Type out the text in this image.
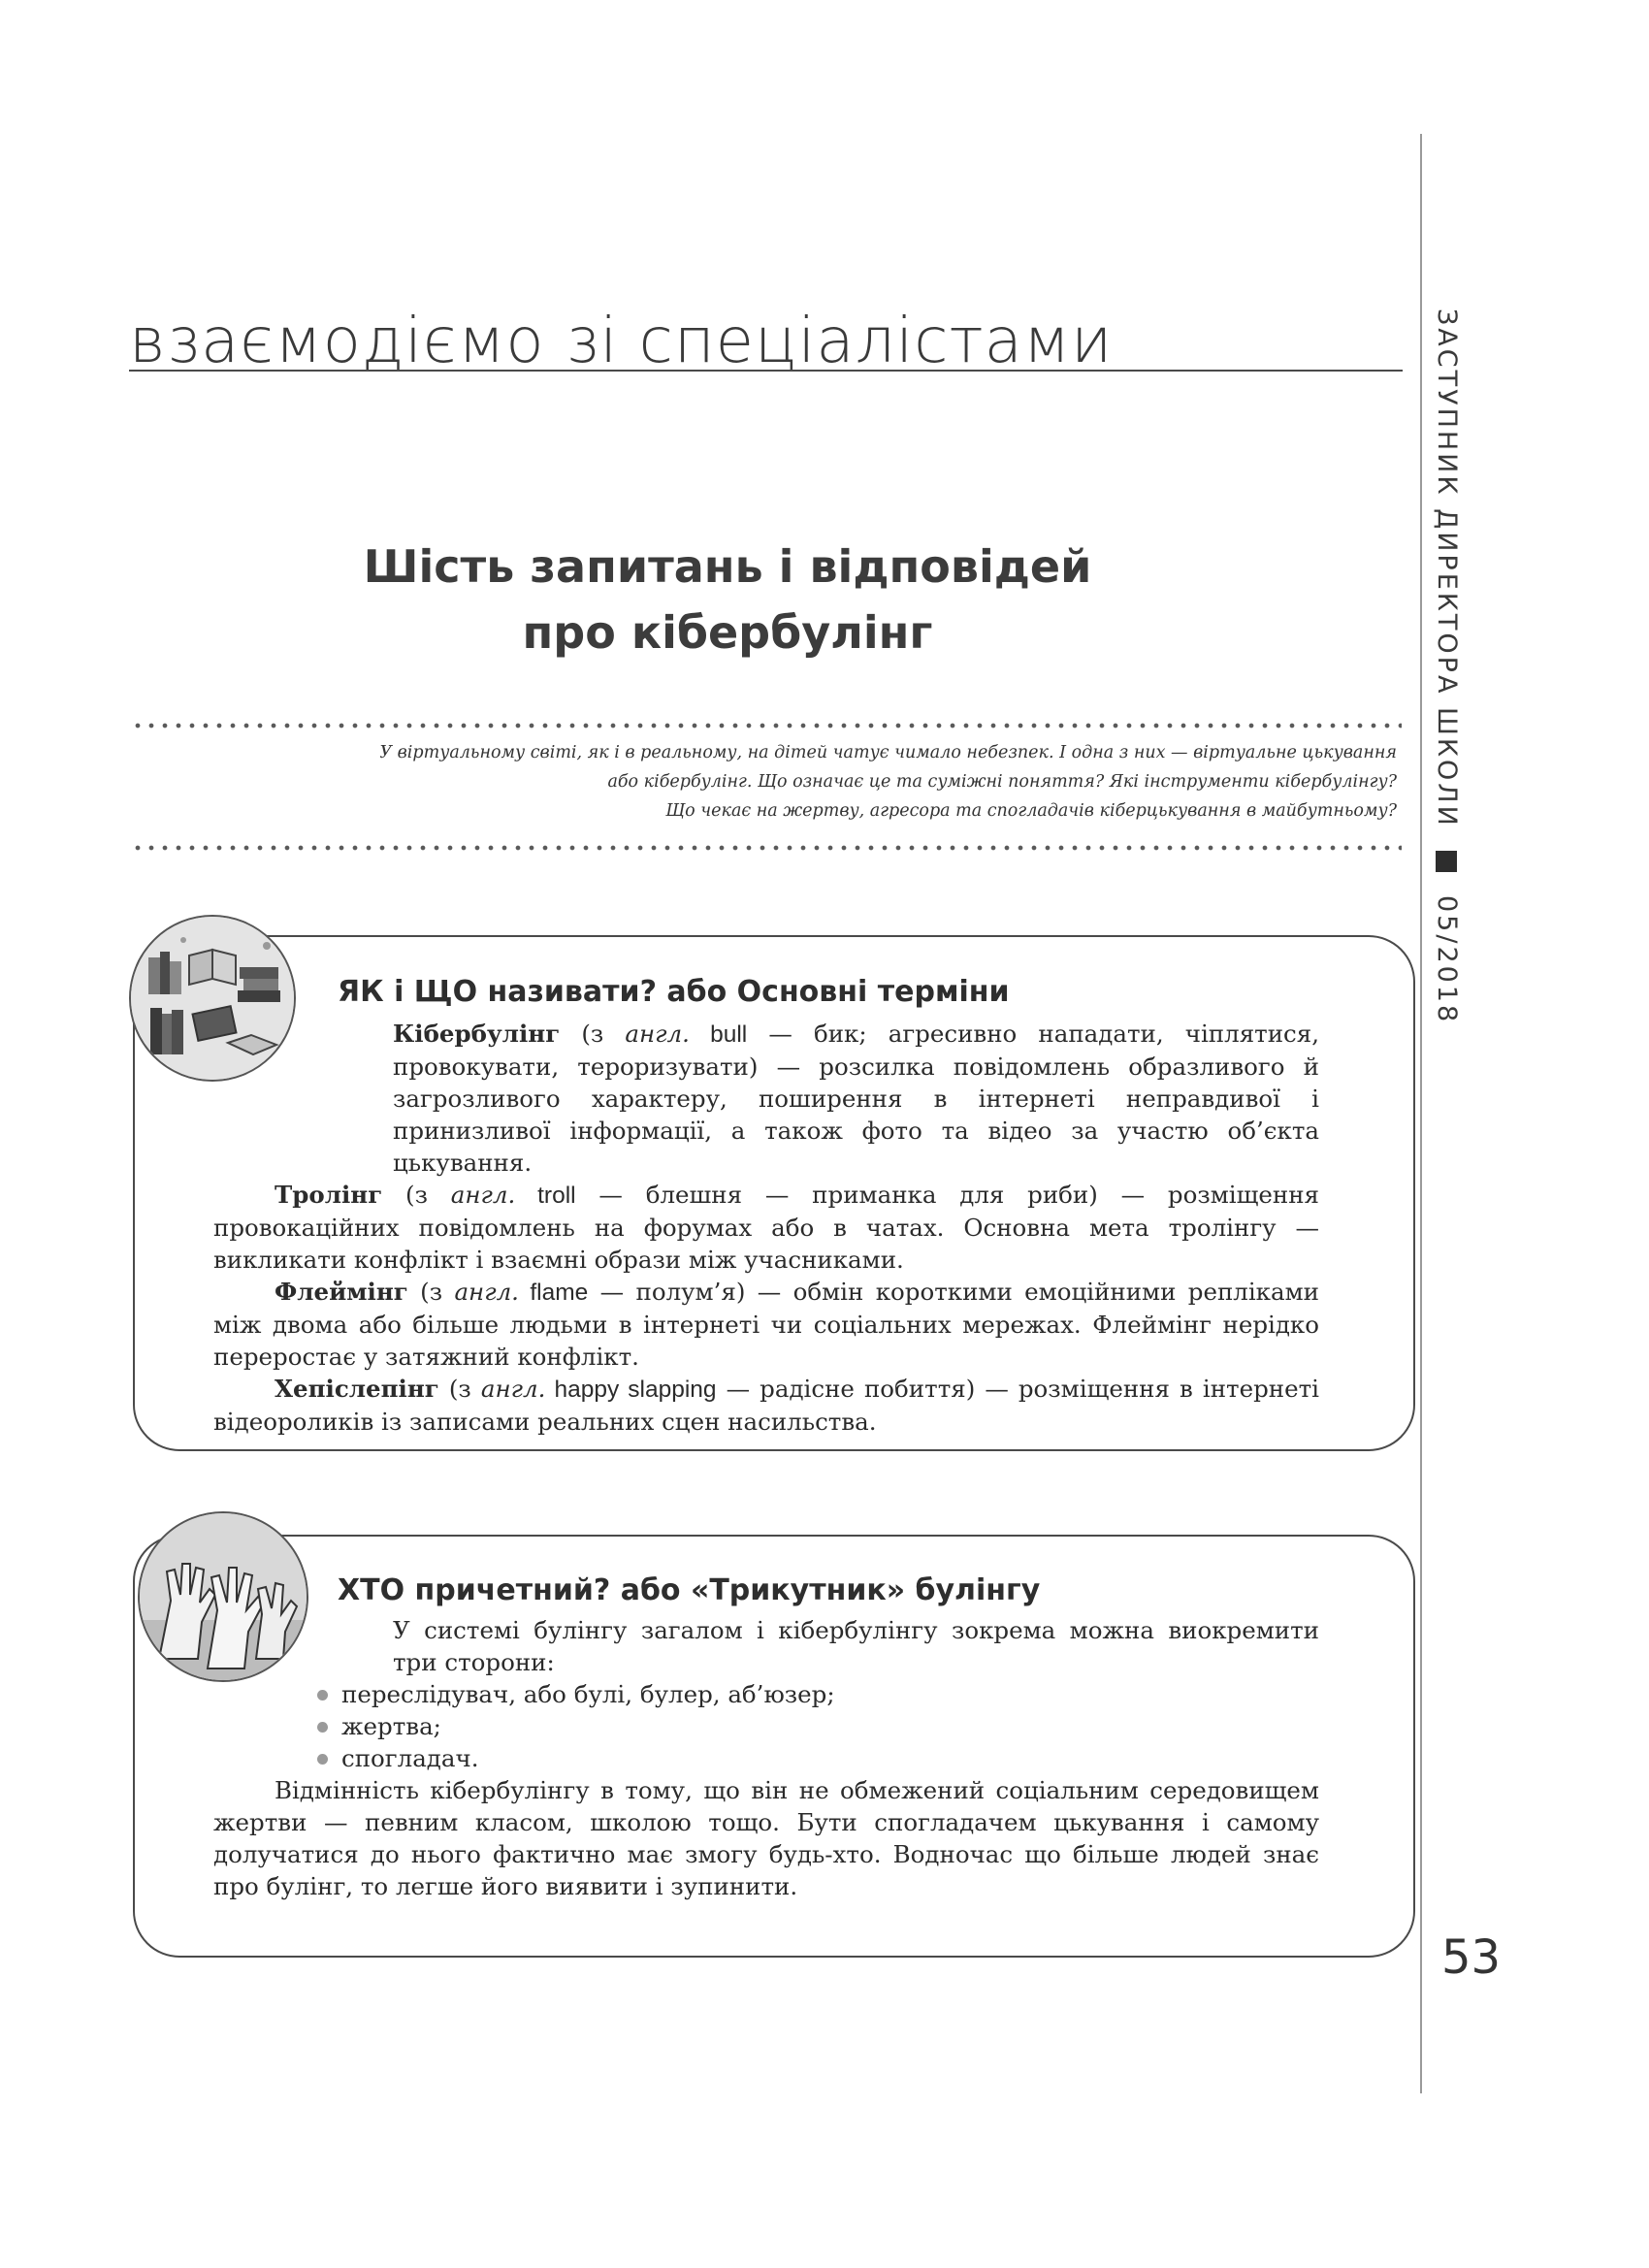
взаємодіємо зі спеціалістами	ЗАСТУПНИК ДИРЕКТОРА ШКОЛИ  05/2018
53
Шість запитань і відповідей
про кібербулінг
У віртуальному світі, як і в реальному, на дітей чатує чимало небезпек. І одна з них — віртуальне цькування
або кібербулінг. Що означає це та суміжні поняття? Які інструменти кібербулінгу?
Що чекає на жертву, агресора та спогладачів кіберцькування в майбутньому?
ЯК і ЩО називати? або Основні терміни

Кібербулінг (з англ. bull — бик; агресивно нападати, чіплятися, провокувати, тероризувати) — розсилка повідомлень образливого й загрозливого характеру, поширення в інтернеті неправдивої і принизливої інформації, а також фото та відео за участю об’єкта цькування.

Тролінг (з англ. troll — блешня — приманка для риби) — розміщення провокаційних повідомлень на форумах або в чатах. Основна мета тролінгу — викликати конфлікт і взаємні образи між учасниками.

Флеймінг (з англ. flame — полум’я) — обмін короткими емоційними репліками між двома або більше людьми в інтернеті чи соціальних мережах. Флеймінг нерідко переростає у затяжний конфлікт.

Хепіслепінг (з англ. happy slapping — радісне побиття) — розміщення в інтернеті відеороликів із записами реальних сцен насильства.

ХТО причетний? або «Трикутник» булінгу

У системі булінгу загалом і кібербулінгу зокрема можна виокремити три сторони:

переслідувач, або булі, булер, аб’юзер;
жертва;
спогладач.

Відмінність кібербулінгу в тому, що він не обмежений соціальним середовищем жертви — певним класом, школою тощо. Бути спогладачем цькування і самому долучатися до нього фактично має змогу будь-хто. Водночас що більше людей знає про булінг, то легше його виявити і зупинити.
